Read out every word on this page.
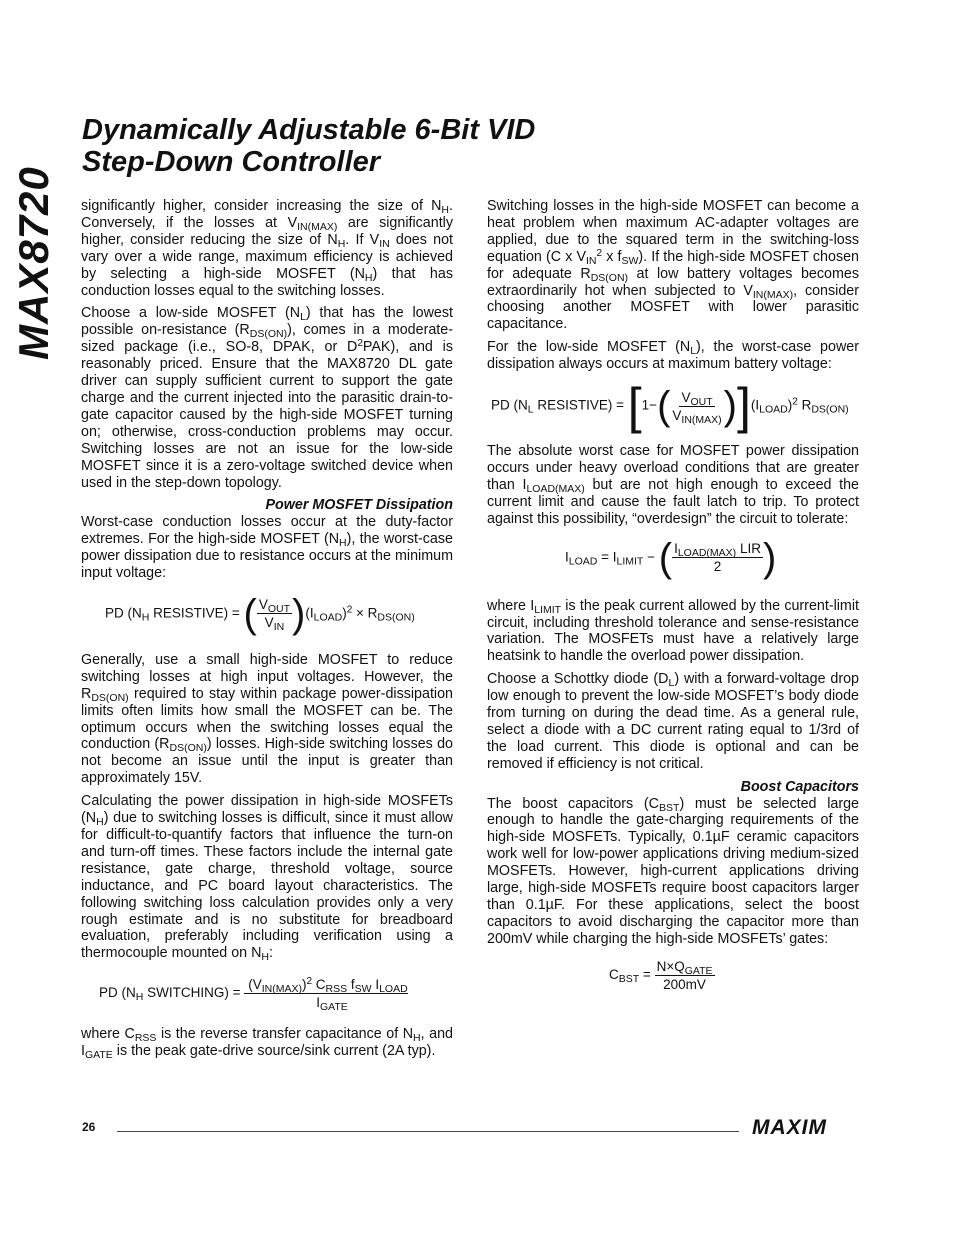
MAX8720
Dynamically Adjustable 6-Bit VID
Step-Down Controller

significantly higher, consider increasing the size of $N_H$. Conversely, if the losses at $V_{IN(MAX)}$ are significantly higher, consider reducing the size of $N_H$. If $V_{IN}$ does not vary over a wide range, maximum efficiency is achieved by selecting a high-side MOSFET $(N_H)$ that has conduction losses equal to the switching losses.

Choose a low-side MOSFET $(N_L)$ that has the lowest possible on-resistance $(R_{DS(ON)})$, comes in a moderate-sized package (i.e., SO-8, DPAK, or $D^2PAK$), and is reasonably priced. Ensure that the MAX8720 DL gate driver can supply sufficient current to support the gate charge and the current injected into the parasitic drain-to-gate capacitor caused by the high-side MOSFET turning on; otherwise, cross-conduction problems may occur. Switching losses are not an issue for the low-side MOSFET since it is a zero-voltage switched device when used in the step-down topology.

Power MOSFET Dissipation

Worst-case conduction losses occur at the duty-factor extremes. For the high-side MOSFET $(N_H)$, the worst-case power dissipation due to resistance occurs at the minimum input voltage:

PD ($N_H$ RESISTIVE) = ( $\frac{V_{OUT}}{V_{IN}} )(I_{LOAD})^2 \times R_{DS(ON)}$

Generally, use a small high-side MOSFET to reduce switching losses at high input voltages. However, the $R_{DS(ON)}$ required to stay within package power-dissipation limits often limits how small the MOSFET can be. The optimum occurs when the switching losses equal the conduction $(R_{DS(ON)})$ losses. High-side switching losses do not become an issue until the input is greater than approximately 15V.

Calculating the power dissipation in high-side MOSFETs $(N_H)$ due to switching losses is difficult, since it must allow for difficult-to-quantify factors that influence the turn-on and turn-off times. These factors include the internal gate resistance, gate charge, threshold voltage, source inductance, and PC board layout characteristics. The following switching loss calculation provides only a very rough estimate and is no substitute for breadboard evaluation, preferably including verification using a thermocouple mounted on $N_H$:

PD ($N_H$ SWITCHING) = $\frac{(V_{IN(MAX)})^2 C_{RSS} f_{SW} I_{LOAD}}{I_{GATE}}$

where $C_{RSS}$ is the reverse transfer capacitance of $N_H$, and $I_{GATE}$ is the peak gate-drive source/sink current (2A typ).

Switching losses in the high-side MOSFET can become a heat problem when maximum AC-adapter voltages are applied, due to the squared term in the switching-loss equation (C x $V_{IN}^2$ x $f_{SW}$). If the high-side MOSFET chosen for adequate $R_{DS(ON)}$ at low battery voltages becomes extraordinarily hot when subjected to $V_{IN(MAX)}$, consider choosing another MOSFET with lower parasitic capacitance.

For the low-side MOSFET $(N_L)$, the worst-case power dissipation always occurs at maximum battery voltage:

PD ($N_L$ RESISTIVE) = $[1-( \frac{V_{OUT}}{V_{IN(MAX)}} )](I_{LOAD})^2$ $R_{DS(ON)}$

The absolute worst case for MOSFET power dissipation occurs under heavy overload conditions that are greater than $I_{LOAD(MAX)}$ but are not high enough to exceed the current limit and cause the fault latch to trip. To protect against this possibility, “overdesign” the circuit to tolerate:

$I_{LOAD} = I_{LIMIT}$ − ( $\frac{I_{LOAD(MAX)} LIR}{2}$ )

where $I_{LIMIT}$ is the peak current allowed by the current-limit circuit, including threshold tolerance and sense-resistance variation. The MOSFETs must have a relatively large heatsink to handle the overload power dissipation.

Choose a Schottky diode $(D_L)$ with a forward-voltage drop low enough to prevent the low-side MOSFET’s body diode from turning on during the dead time. As a general rule, select a diode with a DC current rating equal to 1/3rd of the load current. This diode is optional and can be removed if efficiency is not critical.

Boost Capacitors

The boost capacitors $(C_{BST})$ must be selected large enough to handle the gate-charging requirements of the high-side MOSFETs. Typically, 0.1µF ceramic capacitors work well for low-power applications driving medium-sized MOSFETs. However, high-current applications driving large, high-side MOSFETs require boost capacitors larger than 0.1µF. For these applications, select the boost capacitors to avoid discharging the capacitor more than 200mV while charging the high-side MOSFETs’ gates:

$C_{BST} = \frac{N\times Q_{GATE}}{200mV}$
26	MAXIM
